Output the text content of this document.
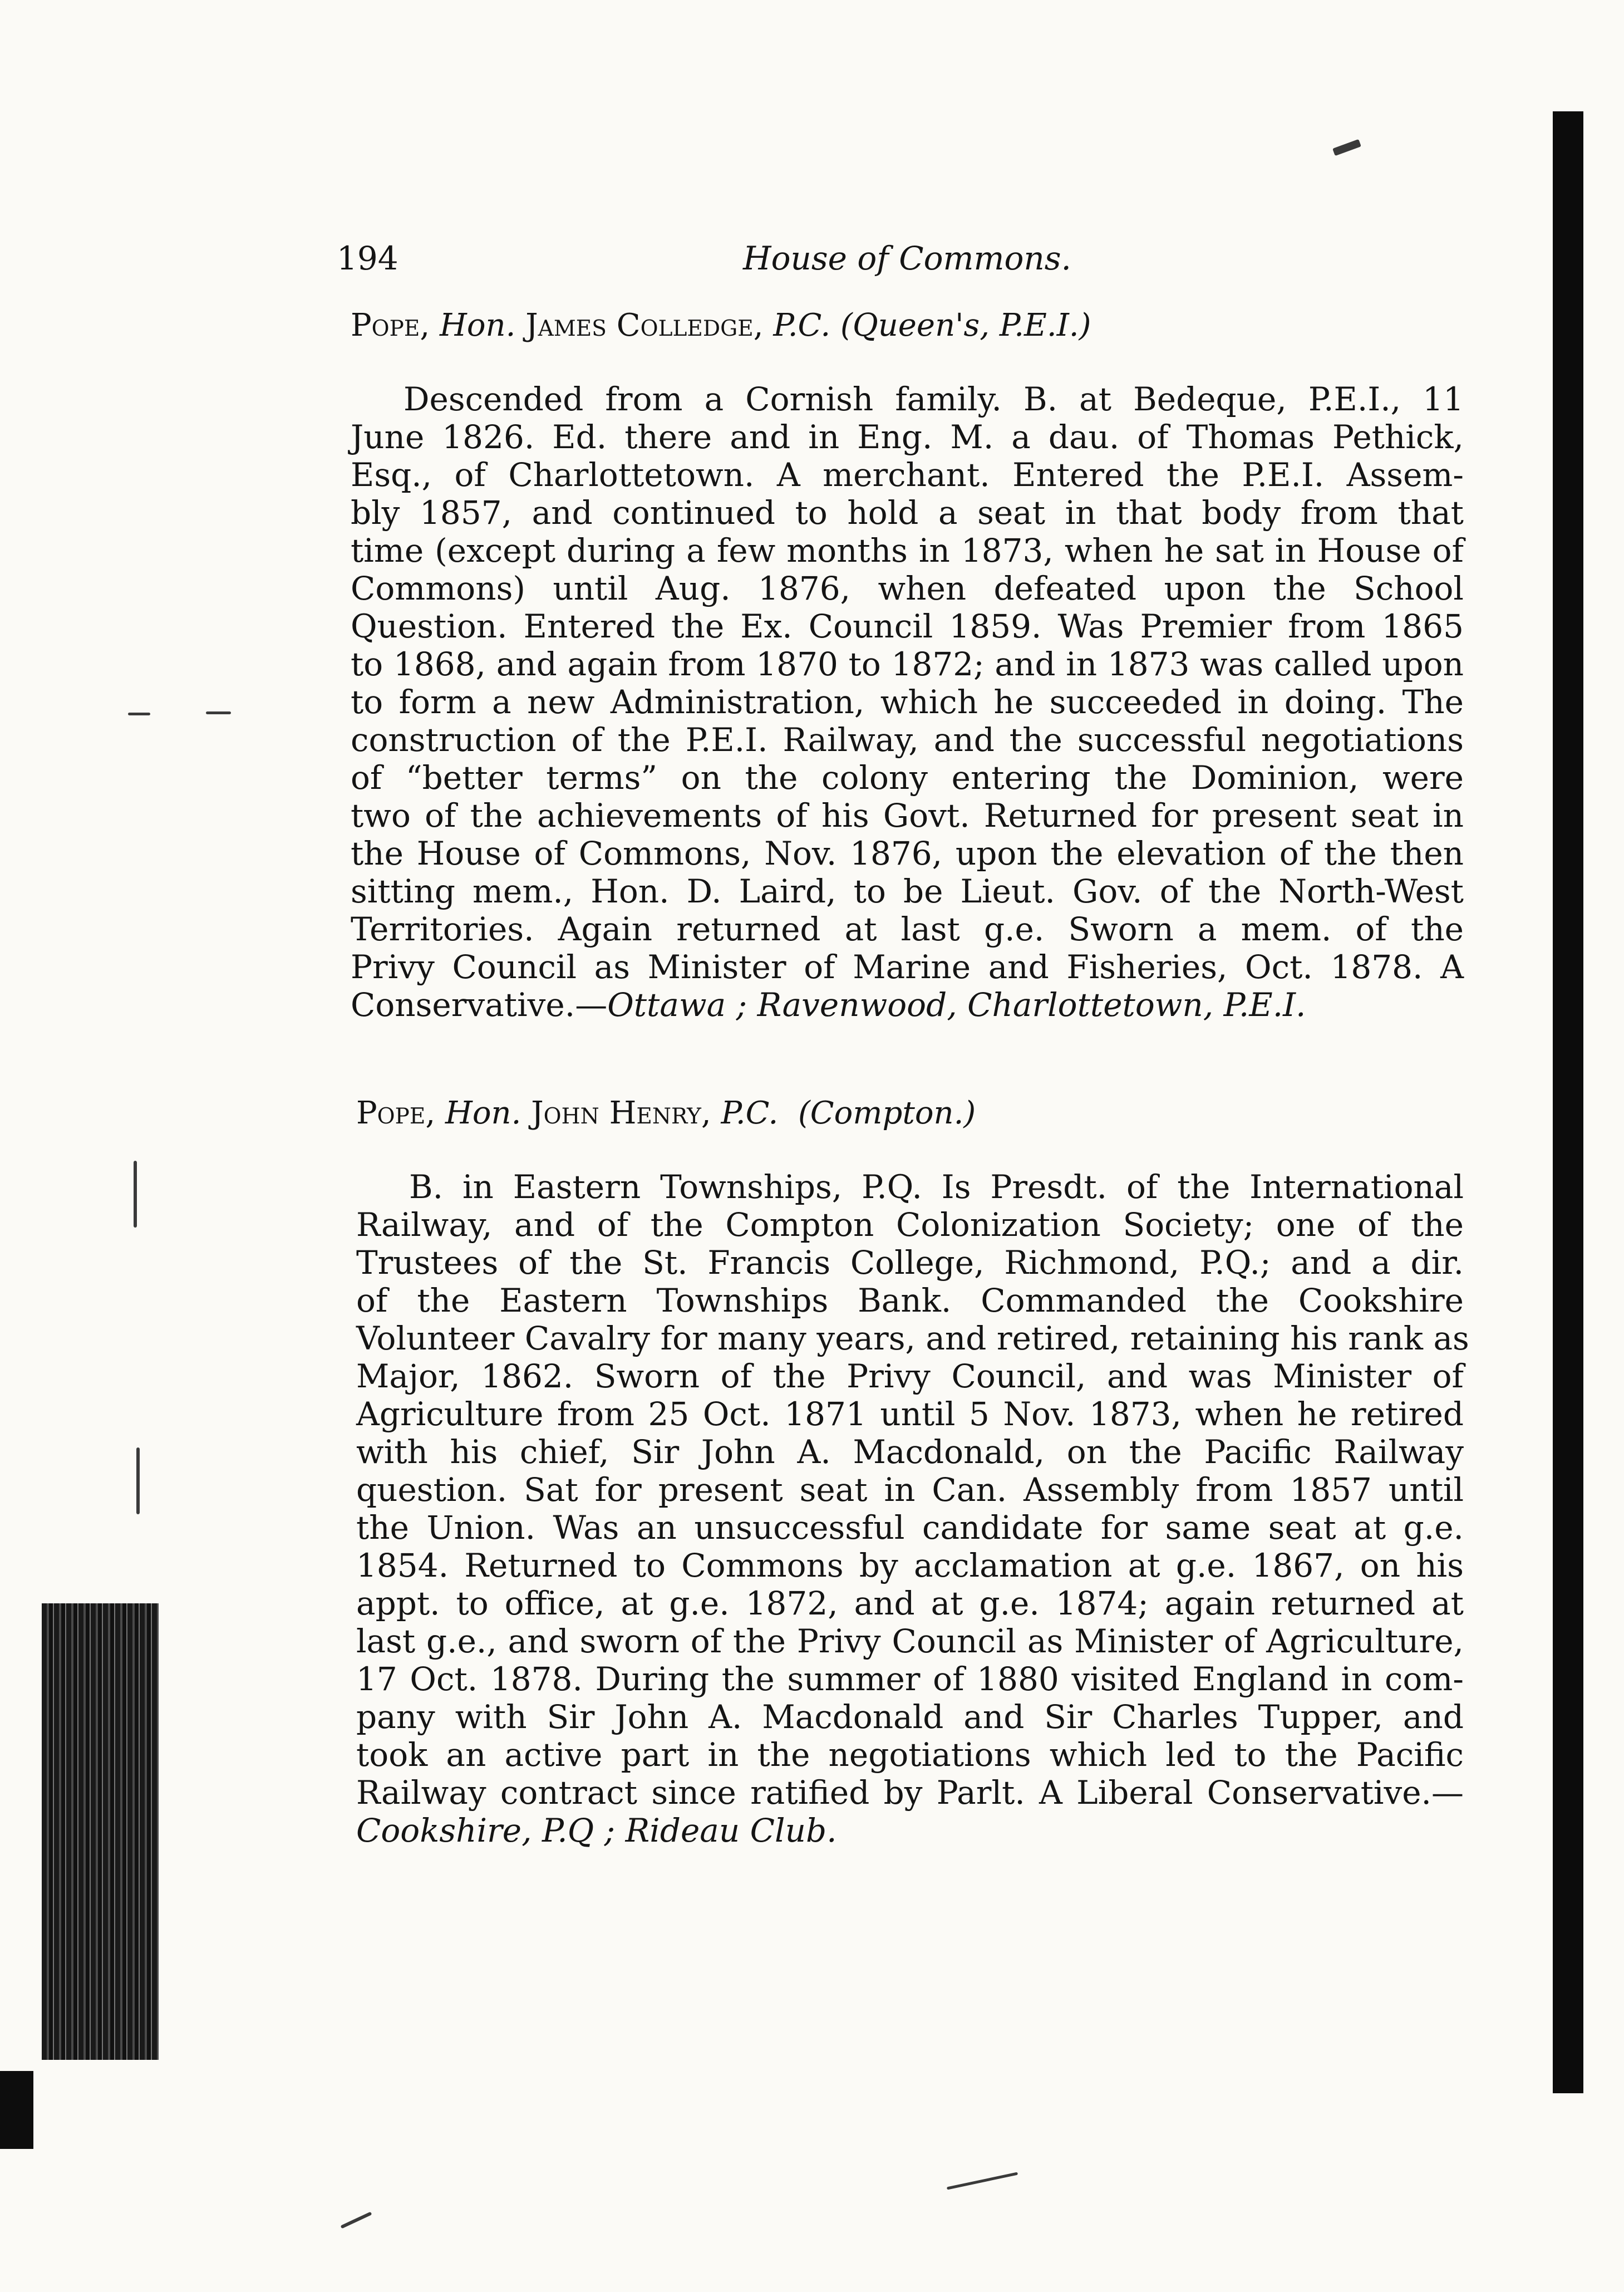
194	House of Commons.

Pope, Hon. James Colledge, P.C. (Queen's, P.E.I.)

Descended from a Cornish family. B. at Bedeque, P.E.I., 11
June 1826. Ed. there and in Eng. M. a dau. of Thomas Pethick,
Esq., of Charlottetown. A merchant. Entered the P.E.I. Assem-
bly 1857, and continued to hold a seat in that body from that
time (except during a few months in 1873, when he sat in House of
Commons) until Aug. 1876, when defeated upon the School
Question. Entered the Ex. Council 1859. Was Premier from 1865
to 1868, and again from 1870 to 1872; and in 1873 was called upon
to form a new Administration, which he succeeded in doing. The
construction of the P.E.I. Railway, and the successful negotiations
of “better terms” on the colony entering the Dominion, were
two of the achievements of his Govt. Returned for present seat in
the House of Commons, Nov. 1876, upon the elevation of the then
sitting mem., Hon. D. Laird, to be Lieut. Gov. of the North-West
Territories. Again returned at last g.e. Sworn a mem. of the
Privy Council as Minister of Marine and Fisheries, Oct. 1878. A
Conservative.—Ottawa ; Ravenwood, Charlottetown, P.E.I.

Pope, Hon. John Henry, P.C. (Compton.)

B. in Eastern Townships, P.Q. Is Presdt. of the International
Railway, and of the Compton Colonization Society; one of the
Trustees of the St. Francis College, Richmond, P.Q.; and a dir.
of the Eastern Townships Bank. Commanded the Cookshire
Volunteer Cavalry for many years, and retired, retaining his rank as
Major, 1862. Sworn of the Privy Council, and was Minister of
Agriculture from 25 Oct. 1871 until 5 Nov. 1873, when he retired
with his chief, Sir John A. Macdonald, on the Pacific Railway
question. Sat for present seat in Can. Assembly from 1857 until
the Union. Was an unsuccessful candidate for same seat at g.e.
1854. Returned to Commons by acclamation at g.e. 1867, on his
appt. to office, at g.e. 1872, and at g.e. 1874; again returned at
last g.e., and sworn of the Privy Council as Minister of Agriculture,
17 Oct. 1878. During the summer of 1880 visited England in com-
pany with Sir John A. Macdonald and Sir Charles Tupper, and
took an active part in the negotiations which led to the Pacific
Railway contract since ratified by Parlt. A Liberal Conservative.—
Cookshire, P.Q ; Rideau Club.
